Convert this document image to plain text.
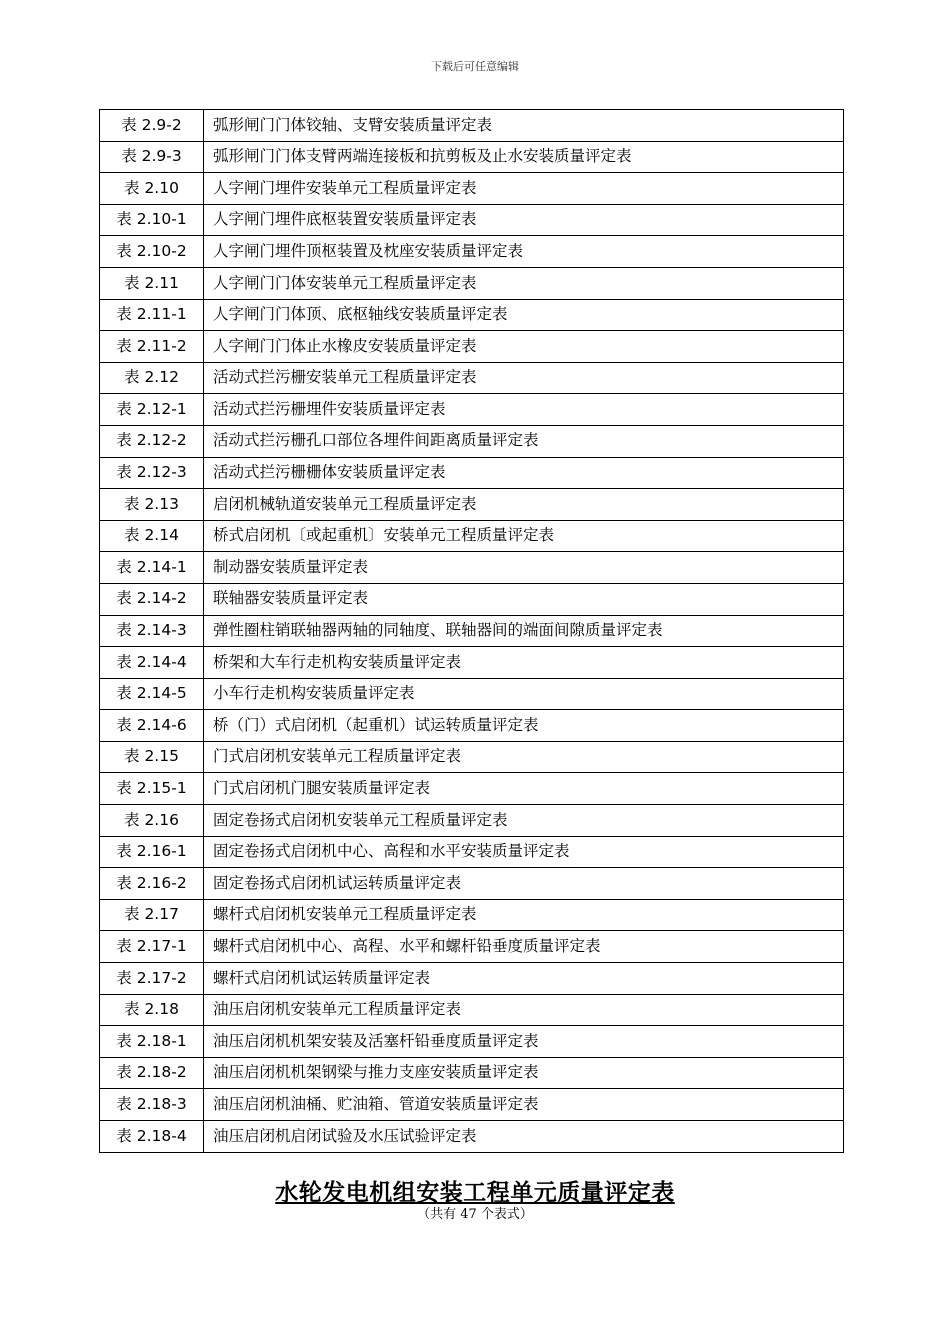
下载后可任意编辑
表 2.9-2	弧形闸门门体铰轴、支臂安装质量评定表
表 2.9-3	弧形闸门门体支臂两端连接板和抗剪板及止水安装质量评定表
表 2.10	人字闸门埋件安装单元工程质量评定表
表 2.10-1	人字闸门埋件底枢装置安装质量评定表
表 2.10-2	人字闸门埋件顶枢装置及枕座安装质量评定表
表 2.11	人字闸门门体安装单元工程质量评定表
表 2.11-1	人字闸门门体顶、底枢轴线安装质量评定表
表 2.11-2	人字闸门门体止水橡皮安装质量评定表
表 2.12	活动式拦污栅安装单元工程质量评定表
表 2.12-1	活动式拦污栅埋件安装质量评定表
表 2.12-2	活动式拦污栅孔口部位各埋件间距离质量评定表
表 2.12-3	活动式拦污栅栅体安装质量评定表
表 2.13	启闭机械轨道安装单元工程质量评定表
表 2.14	桥式启闭机〔或起重机〕安装单元工程质量评定表
表 2.14-1	制动器安装质量评定表
表 2.14-2	联轴器安装质量评定表
表 2.14-3	弹性圈柱销联轴器两轴的同轴度、联轴器间的端面间隙质量评定表
表 2.14-4	桥架和大车行走机构安装质量评定表
表 2.14-5	小车行走机构安装质量评定表
表 2.14-6	桥（门）式启闭机（起重机）试运转质量评定表
表 2.15	门式启闭机安装单元工程质量评定表
表 2.15-1	门式启闭机门腿安装质量评定表
表 2.16	固定卷扬式启闭机安装单元工程质量评定表
表 2.16-1	固定卷扬式启闭机中心、高程和水平安装质量评定表
表 2.16-2	固定卷扬式启闭机试运转质量评定表
表 2.17	螺杆式启闭机安装单元工程质量评定表
表 2.17-1	螺杆式启闭机中心、高程、水平和螺杆铅垂度质量评定表
表 2.17-2	螺杆式启闭机试运转质量评定表
表 2.18	油压启闭机安装单元工程质量评定表
表 2.18-1	油压启闭机机架安装及活塞杆铅垂度质量评定表
表 2.18-2	油压启闭机机架钢梁与推力支座安装质量评定表
表 2.18-3	油压启闭机油桶、贮油箱、管道安装质量评定表
表 2.18-4	油压启闭机启闭试验及水压试验评定表
水轮发电机组安装工程单元质量评定表
（共有 47 个表式）
